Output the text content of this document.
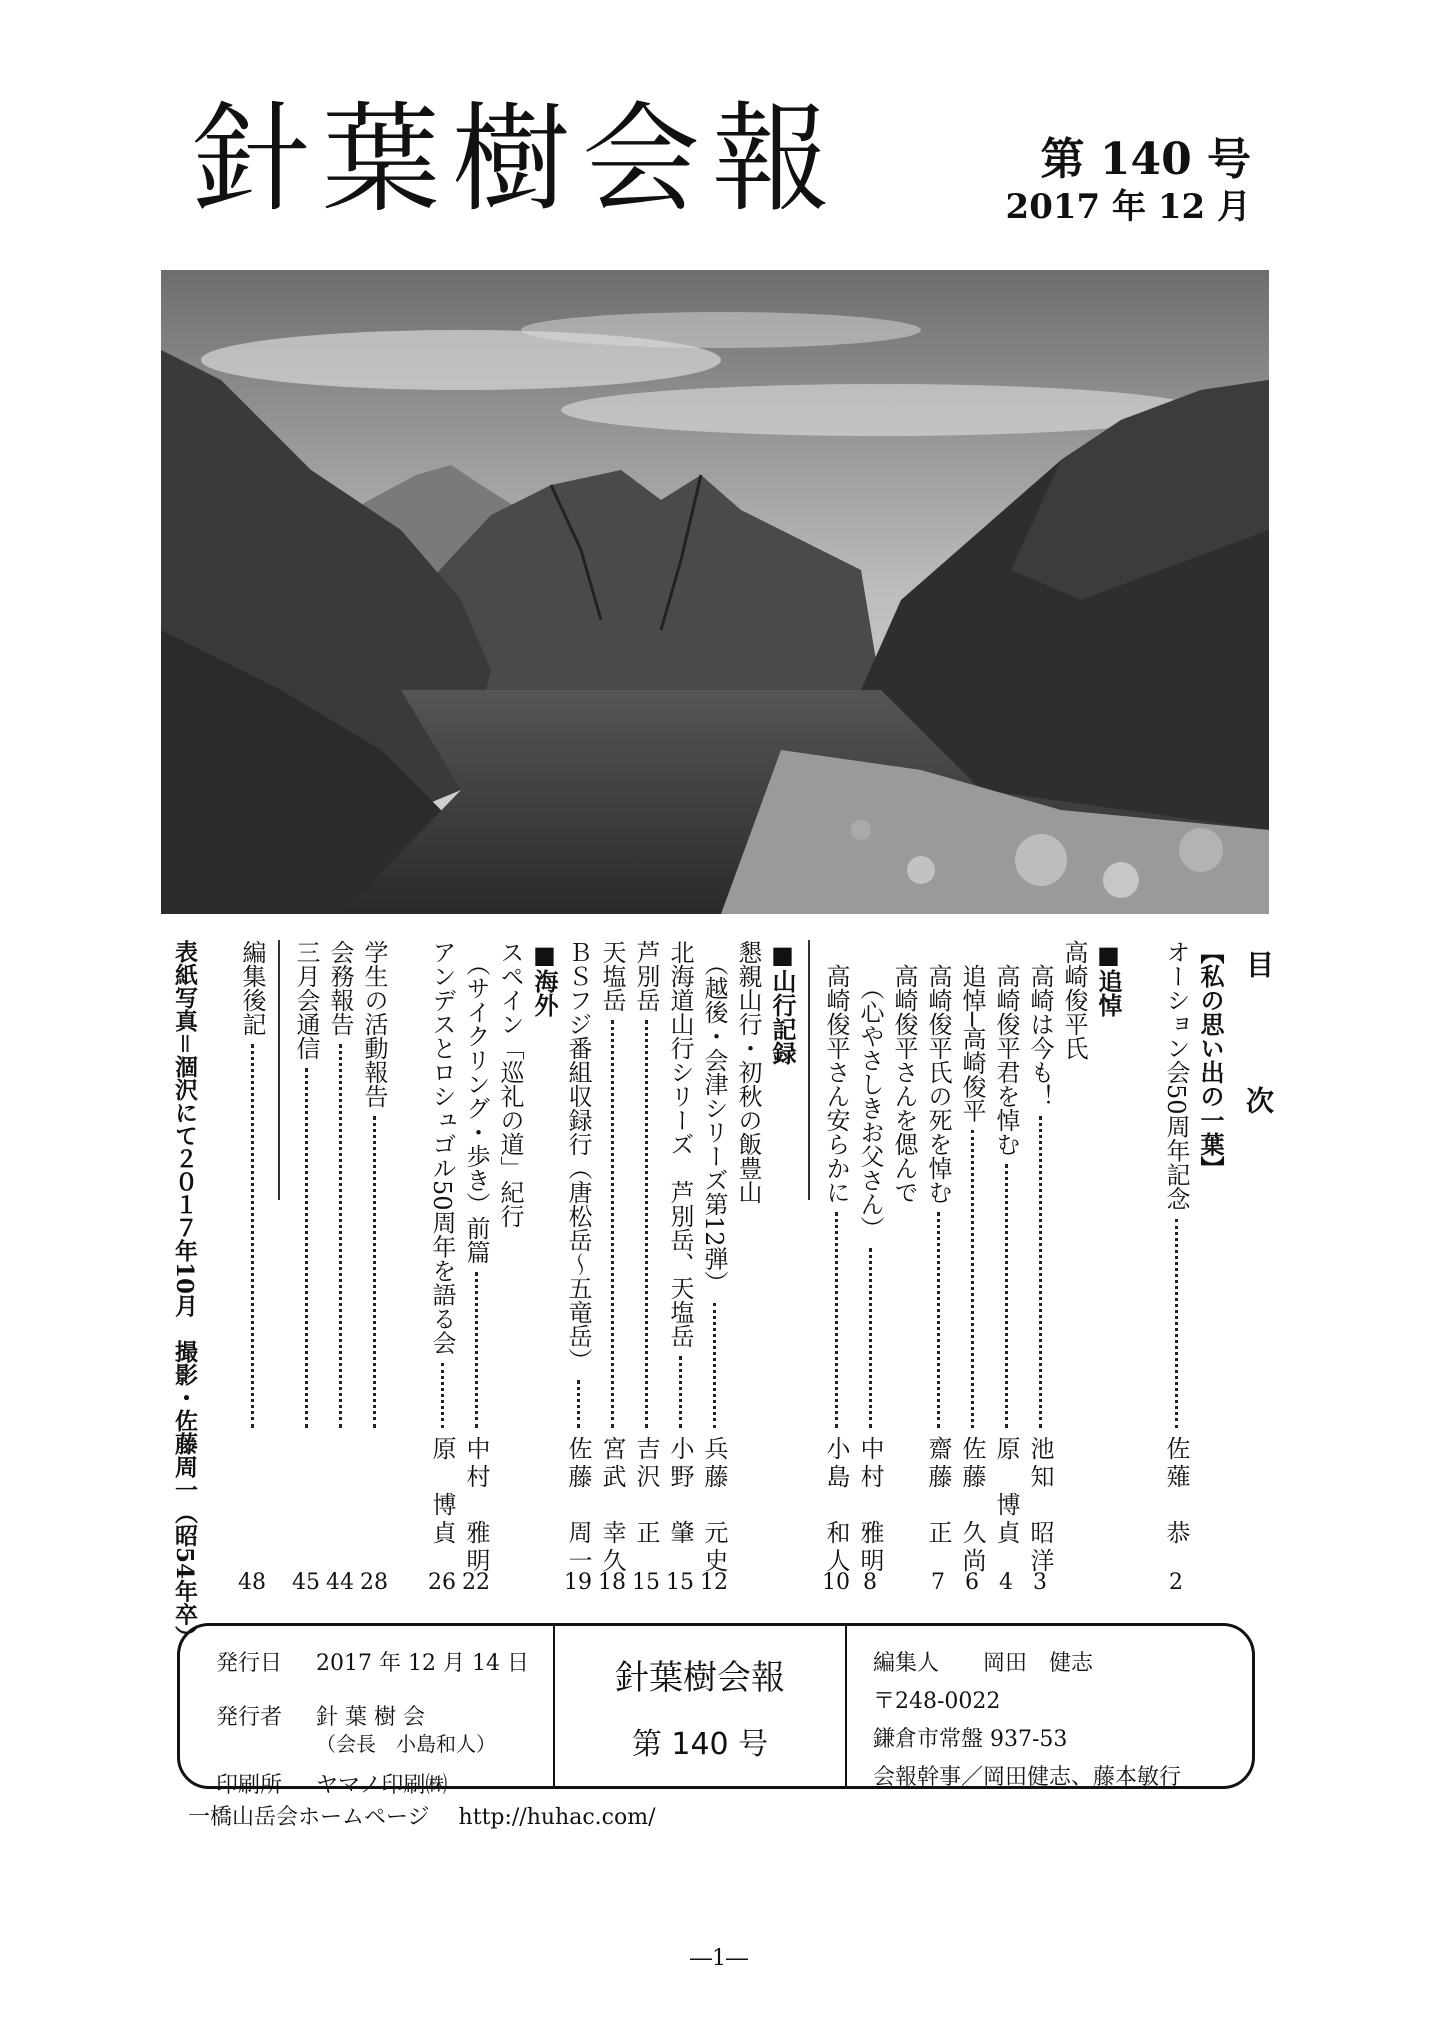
針葉樹会報	第 140 号
2017 年 12 月
目　次
【私の思い出の一葉】
オーション会50周年記念
佐薙　恭
2
■追悼
高崎俊平氏
　高崎は今も！
池知　昭洋
3
　高崎俊平君を悼む
原　博貞
4
　追悼─高崎俊平
佐藤　久尚
6
　高崎俊平氏の死を悼む
齋藤　正
7
　高崎俊平さんを偲んで
　　（心やさしきお父さん）
中村　雅明
8
　高崎俊平さん安らかに
小島　和人
10
■山行記録
懇親山行・初秋の飯豊山
　（越後・会津シリーズ第12弾）
兵藤　元史
12
北海道山行シリーズ　芦別岳、天塩岳
小野　肇
15
芦別岳
吉沢　正
15
天塩岳
宮武　幸久
18
ＢＳフジ番組収録行（唐松岳～五竜岳）
佐藤　周一
19
■海外
スペイン「巡礼の道」紀行
　（サイクリング・歩き）前篇
中村　雅明
22
アンデスとロシュゴル50周年を語る会
原　博貞
26
学生の活動報告
28
会務報告
44
三月会通信
45
編集後記
48
表紙写真＝涸沢にて２０１７年10月　撮影・佐藤周一（昭54年卒）
発行日	2017 年 12 月 14 日
発行者	針 葉 樹 会
（会長　小島和人）
印刷所	ヤマノ印刷㈱
針葉樹会報
第 140 号
編集人　　岡田　健志
〒248-0022
鎌倉市常盤 937-53
会報幹事／岡田健志、藤本敏行
一橋山岳会ホームページ　 http://huhac.com/
―1―
